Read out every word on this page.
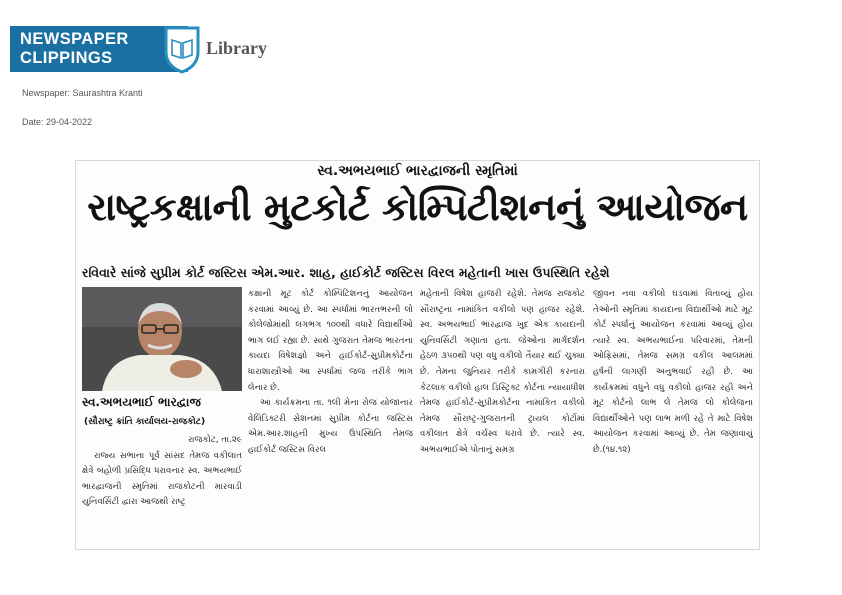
NEWSPAPER
CLIPPINGS	Library
Newspaper: Saurashtra Kranti
Date: 29-04-2022
સ્વ.અભયભાઈ ભારદ્વાજની સ્મૃતિમાં
રાષ્ટ્રકક્ષાની મુટકોર્ટ કોમ્પિટીશનનું આયોજન
રવિવારે સાંજે સુપ્રીમ કોર્ટ જસ્ટિસ એમ.આર. શાહ, હાઈકોર્ટ જસ્ટિસ વિરલ મહેતાની ખાસ ઉપસ્થિતિ રહેશે
સ્વ.અભયભાઈ ભારદ્વાજ
(સૌરાષ્ટ્ર ક્રાંતિ કાર્યાલય-રાજકોટ)

રાજકોટ, તા.૨૯

રાજ્ય સભાના પૂર્વ સાંસદ તેમજ વકીલાત ક્ષેત્રે બહોળી પ્રસિદ્ધિ ધરાવનાર સ્વ. અભયભાઈ ભારદ્વાજની સ્મૃતિમાં રાજકોટની મારવાડી યુનિવર્સિટી દ્વારા આજથી રાષ્ટ્ર

કક્ષાની મૂટ કોર્ટ કોમ્પિટિશનનું આયોજન કરવામાં આવ્યું છે. આ સ્પર્ધામાં ભારતભરની લો કોલેજોમાંથી લગભગ ૧૦૦થી વધારે વિદ્યાર્થીઓ ભાગ લઈ રહ્યા છે. સાથે ગુજરાત તેમજ ભારતના કાયદા વિષેશજ્ઞો અને હાઈકોર્ટ-સુપ્રીમકોર્ટના ધારાશાસ્ત્રીઓ આ સ્પર્ધામાં જજ તરીકે ભાગ લેનાર છે.

આ કાર્યક્રમના તા. ૧લી મેના રોજ યોજાનાર વેલિડિક્ટરી સેશનમાં સુપ્રીમ કોર્ટના જસ્ટિસ એમ.આર.શાહની મુખ્ય ઉપસ્થિતિ તેમજ હાઈકોર્ટ જસ્ટિસ વિરલ

મહેતાની વિષેશ હાજરી રહેશે. તેમજ રાજકોટ સૌરાષ્ટ્રના નામાંકિત વકીલો પણ હાજર રહેશે. સ્વ. અભયભાઈ ભારદ્વાજ ખુદ એક કાયદાની યુનિવર્સિટી ગણાતા હતા. જેઓના માર્ગદર્શન હેઠળ ૩૫૦થી પણ વધુ વકીલો તૈયાર થઈ ચુક્યા છે. તેમના જુનિયર તરીકે કામગીરી કરનારા કેટલાક વકીલો હાલ ડિસ્ટ્રિક્ટ કોર્ટના ન્યાયાધીશ તેમજ હાઈકોર્ટ-સુપ્રીમકોર્ટના નામાંકિત વકીલો તેમજ સૌરાષ્ટ્ર-ગુજરાતની ટ્રાયલ કોર્ટોમાં વકીલાત ક્ષેત્રે વર્ચસ્વ ધરાવે છે. ત્યારે સ્વ. અભયભાઈએ પોતાનું સમગ્ર

જીવન નવા વકીલો ઘડવામાં વિતાવ્યું હોય તેઓની સ્મૃતિમાં કાયદાના વિદ્યાર્થીઓ માટે મૂટ કોર્ટ સ્પર્ધાનું આયોજન કરવામાં આવ્યું હોય ત્યારે સ્વ. અભયભાઈના પરિવારમાં, તેમની ઓફિસમાં, તેમજ સમગ્ર વકીલ આલમમાં હર્ષની લાગણી અનુભવાઈ રહી છે. આ કાર્યક્રમમાં વધુને વધુ વકીલો હાજર રહી અને મૂટ કોર્ટનો લાભ લે તેમજ લો કોલેજના વિદ્યાર્થીઓને પણ લાભ મળી રહે તે માટે વિષેશ આયોજન કરવામાં આવ્યું છે. તેમ જણાવાયું છે.(૧૪.૧૨)
